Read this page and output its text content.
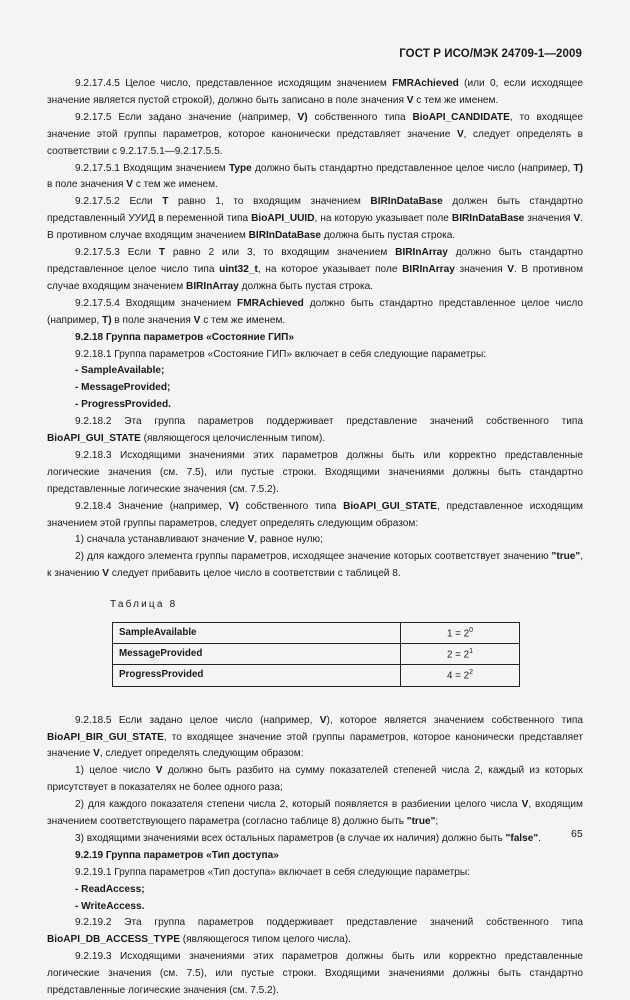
ГОСТ Р ИСО/МЭК 24709-1—2009

9.2.17.4.5 Целое число, представленное исходящим значением FMRAchieved (или 0, если исходящее значение является пустой строкой), должно быть записано в поле значения V с тем же именем.

9.2.17.5 Если задано значение (например, V) собственного типа BioAPI_CANDIDATE, то входящее значение этой группы параметров, которое канонически представляет значение V, следует определять в соответствии с 9.2.17.5.1—9.2.17.5.5.

9.2.17.5.1 Входящим значением Type должно быть стандартно представленное целое число (например, T) в поле значения V с тем же именем.

9.2.17.5.2 Если T равно 1, то входящим значением BIRInDataBase должен быть стандартно представленный УУИД в переменной типа BioAPI_UUID, на которую указывает поле BIRInDataBase значения V. В противном случае входящим значением BIRInDataBase должна быть пустая строка.

9.2.17.5.3 Если T равно 2 или 3, то входящим значением BIRInArray должно быть стандартно представленное целое число типа uint32_t, на которое указывает поле BIRInArray значения V. В противном случае входящим значением BIRInArray должна быть пустая строка.

9.2.17.5.4 Входящим значением FMRAchieved должно быть стандартно представленное целое число (например, T) в поле значения V с тем же именем.

9.2.18 Группа параметров «Состояние ГИП»

9.2.18.1 Группа параметров «Состояние ГИП» включает в себя следующие параметры:

- SampleAvailable;

- MessageProvided;

- ProgressProvided.

9.2.18.2 Эта группа параметров поддерживает представление значений собственного типа BioAPI_GUI_STATE (являющегося целочисленным типом).

9.2.18.3 Исходящими значениями этих параметров должны быть или корректно представленные логические значения (см. 7.5), или пустые строки. Входящими значениями должны быть стандартно представленные логические значения (см. 7.5.2).

9.2.18.4 Значение (например, V) собственного типа BioAPI_GUI_STATE, представленное исходящим значением этой группы параметров, следует определять следующим образом:

1) сначала устанавливают значение V, равное нулю;

2) для каждого элемента группы параметров, исходящее значение которых соответствует значению "true", к значению V следует прибавить целое число в соответствии с таблицей 8.

Таблица 8
SampleAvailable	$1 = 2^0$
MessageProvided	$2 = 2^1$
ProgressProvided	$4 = 2^2$

9.2.18.5 Если задано целое число (например, V), которое является значением собственного типа BioAPI_BIR_GUI_STATE, то входящее значение этой группы параметров, которое канонически представляет значение V, следует определять следующим образом:

1) целое число V должно быть разбито на сумму показателей степеней числа 2, каждый из которых присутствует в показателях не более одного раза;

2) для каждого показателя степени числа 2, который появляется в разбиении целого числа V, входящим значением соответствующего параметра (согласно таблице 8) должно быть "true";

3) входящими значениями всех остальных параметров (в случае их наличия) должно быть "false".

9.2.19 Группа параметров «Тип доступа»

9.2.19.1 Группа параметров «Тип доступа» включает в себя следующие параметры:

- ReadAccess;

- WriteAccess.

9.2.19.2 Эта группа параметров поддерживает представление значений собственного типа BioAPI_DB_ACCESS_TYPE (являющегося типом целого числа).

9.2.19.3 Исходящими значениями этих параметров должны быть или корректно представленные логические значения (см. 7.5), или пустые строки. Входящими значениями должны быть стандартно представленные логические значения (см. 7.5.2).

65
